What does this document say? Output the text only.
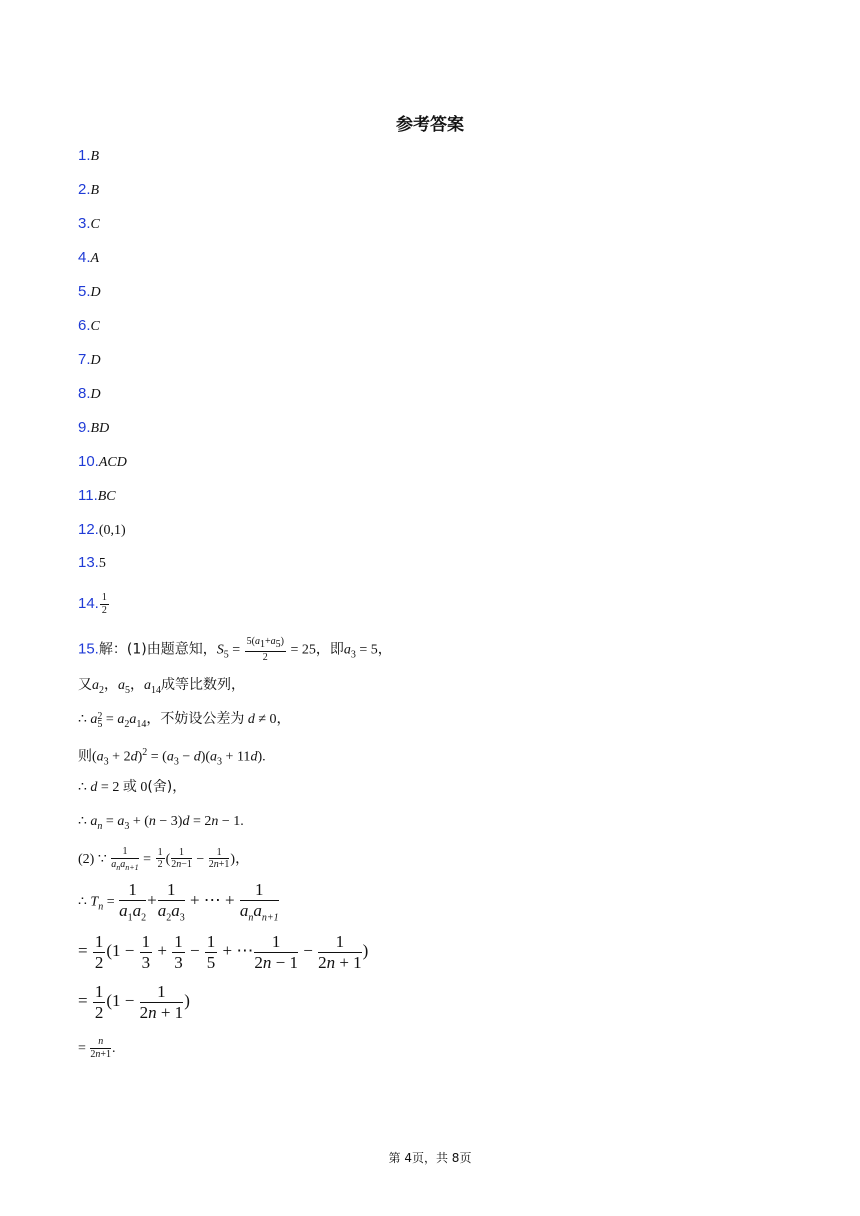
参考答案
1.B
2.B
3.C
4.A
5.D
6.C
7.D
8.D
9.BD
10.ACD
11.BC
12.(0,1)
13.5
14. $\frac{1}{2}$
15.解：(1)由题意知，$S_5 = \frac{5(a_1+a_5)}{2} = 25$，即$a_3 = 5$，
又$a_2$，$a_5$，$a_{14}$成等比数列，
∴ a $_{2 5} = a_2a_{14}$，不妨设公差为 d ≠ 0，
则$(a_3 + 2d)^2 = (a_3 - d)(a_3 + 11d)$.
∴ d = 2 或 0(舍)，
∴ $a_n = a_3 + (n - 3)d = 2n - 1$.
(2) ∵ $\frac{1}{a_na_{n+1}} = \frac{1}{2}$ ( $\frac{1}{2n-1} - \frac{1}{2n+1}$ )，
∴ $T_n = \frac{1}{a_1a_2} + \frac{1}{a_2a_3}$ + ⋯ + $\frac{1}{a_na_{n+1}}$
= $\frac{1}{2} (1 - \frac{1}{3} + \frac{1}{3} - \frac{1}{5}$ + ⋯ $\frac{1}{2n - 1} - \frac{1}{2n + 1}$ )
= $\frac{1}{2} (1 - \frac{1}{2n + 1}$ )
= $\frac{n}{2n+1}$ .
第 4页，共 8页
